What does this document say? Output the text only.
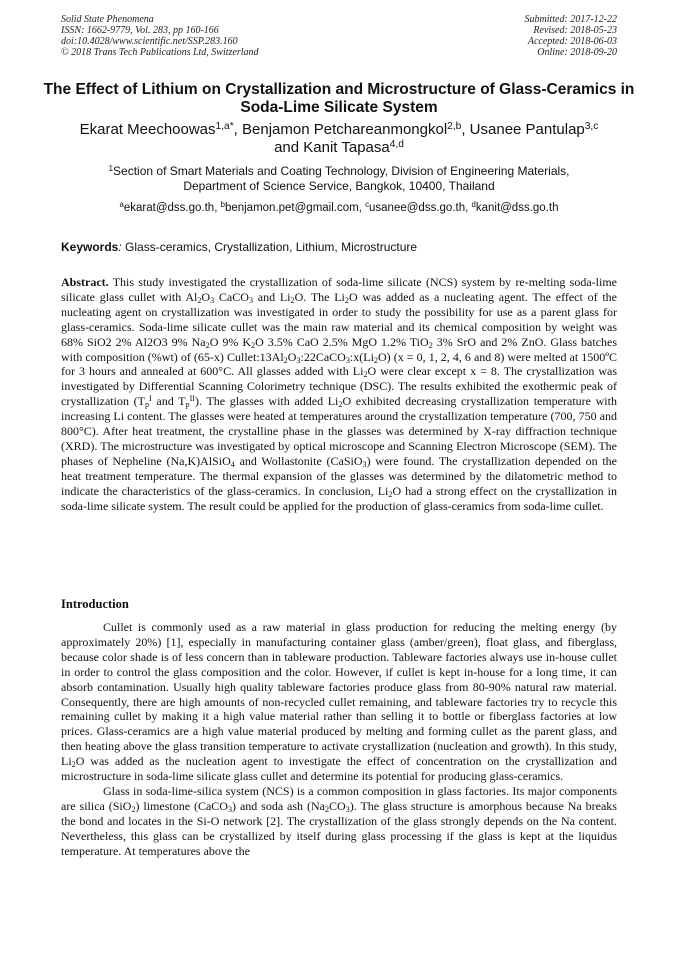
Solid State Phenomena
ISSN: 1662-9779, Vol. 283, pp 160-166
doi:10.4028/www.scientific.net/SSP.283.160
© 2018 Trans Tech Publications Ltd, Switzerland
Submitted: 2017-12-22
Revised: 2018-05-23
Accepted: 2018-06-03
Online: 2018-09-20
The Effect of Lithium on Crystallization and Microstructure of Glass-Ceramics in Soda-Lime Silicate System
Ekarat Meechoowas$^{1,a*}$, Benjamon Petchareanmongkol$^{2,b}$, Usanee Pantulap$^{3,c}$
and Kanit Tapasa$^{4,d}$
$^1$Section of Smart Materials and Coating Technology, Division of Engineering Materials,
Department of Science Service, Bangkok, 10400, Thailand
$^a$ekarat@dss.go.th, $^b$benjamon.pet@gmail.com, $^c$usanee@dss.go.th, $^d$kanit@dss.go.th
Keywords: Glass-ceramics, Crystallization, Lithium, Microstructure
Abstract. This study investigated the crystallization of soda-lime silicate (NCS) system by re-melting soda-lime silicate glass cullet with $Al_2O_3$ CaCO$_3$ and $Li_2O$. The $Li_2O$ was added as a nucleating agent. The effect of the nucleating agent on crystallization was investigated in order to study the possibility for use as a parent glass for glass-ceramics. Soda-lime silicate cullet was the main raw material and its chemical composition by weight was 68% SiO2 2% Al2O3 9% $Na_2O$ 9% $K_2O$ 3.5% CaO 2.5% MgO 1.2% TiO$_2$ 3% SrO and 2% ZnO. Glass batches with composition (%wt) of (65-x) $Cullet:13Al_2O_3:22CaCO_3:x(Li_2O) (x = 0$, 1, 2, 4, 6 and 8) were melted at 1500ºC for 3 hours and annealed at 600°C. All glasses added with $Li_2O$ were clear except x = 8. The crystallization was investigated by Differential Scanning Colorimetry technique (DSC). The results exhibited the exothermic peak of crystallization ($T_p^I$ and $T_p^{II}$). The glasses with added $Li_2O$ exhibited decreasing crystallization temperature with increasing Li content. The glasses were heated at temperatures around the crystallization temperature (700, 750 and 800°C). After heat treatment, the crystalline phase in the glasses was determined by X-ray diffraction technique (XRD). The microstructure was investigated by optical microscope and Scanning Electron Microscope (SEM). The phases of Nepheline (Na,K)AlSiO$_4$ and Wollastonite (CaSiO$_3$) were found. The crystallization depended on the heat treatment temperature. The thermal expansion of the glasses was determined by the dilatometric method to indicate the characteristics of the glass-ceramics. In conclusion, $Li_2O$ had a strong effect on the crystallization in soda-lime silicate system. The result could be applied for the production of glass-ceramics from soda-lime cullet.
Introduction

Cullet is commonly used as a raw material in glass production for reducing the melting energy (by approximately 20%) [1], especially in manufacturing container glass (amber/green), float glass, and fiberglass, because color shade is of less concern than in tableware production. Tableware factories always use in-house cullet in order to control the glass composition and the color. However, if cullet is kept in-house for a long time, it can absorb contamination. Usually high quality tableware factories produce glass from 80-90% natural raw material. Consequently, there are high amounts of non-recycled cullet remaining, and tableware factories try to recycle this remaining cullet by making it a high value material rather than selling it to bottle or fiberglass factories at low prices. Glass-ceramics are a high value material produced by melting and forming cullet as the parent glass, and then heating above the glass transition temperature to activate crystallization (nucleation and growth). In this study, $Li_2O$ was added as the nucleation agent to investigate the effect of concentration on the crystallization and microstructure in soda-lime silicate glass cullet and determine its potential for producing glass-ceramics.

Glass in soda-lime-silica system (NCS) is a common composition in glass factories. Its major components are silica (SiO$_2$) limestone (CaCO$_3$) and soda ash $(Na_2CO_3)$. The glass structure is amorphous because Na breaks the bond and locates in the Si-O network [2]. The crystallization of the glass strongly depends on the Na content. Nevertheless, this glass can be crystallized by itself during glass processing if the glass is kept at the liquidus temperature. At temperatures above the
